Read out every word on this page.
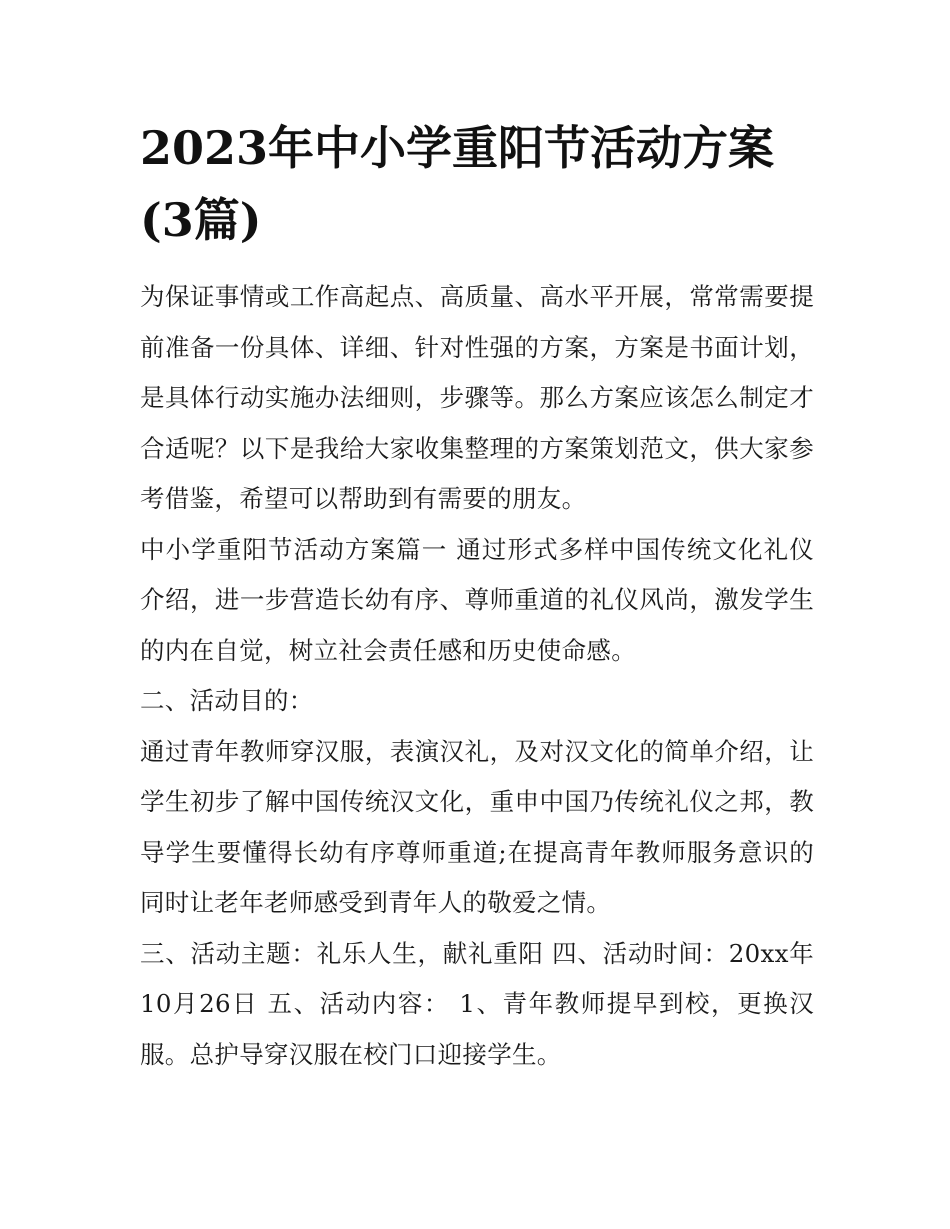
2023年中小学重阳节活动方案(3篇)

为保证事情或工作高起点、高质量、高水平开展，常常需要提前准备一份具体、详细、针对性强的方案，方案是书面计划，是具体行动实施办法细则，步骤等。那么方案应该怎么制定才合适呢？以下是我给大家收集整理的方案策划范文，供大家参考借鉴，希望可以帮助到有需要的朋友。

中小学重阳节活动方案篇一 通过形式多样中国传统文化礼仪介绍，进一步营造长幼有序、尊师重道的礼仪风尚，激发学生的内在自觉，树立社会责任感和历史使命感。

二、活动目的：

通过青年教师穿汉服，表演汉礼，及对汉文化的简单介绍，让学生初步了解中国传统汉文化，重申中国乃传统礼仪之邦，教导学生要懂得长幼有序尊师重道;在提高青年教师服务意识的同时让老年老师感受到青年人的敬爱之情。

三、活动主题：礼乐人生，献礼重阳 四、活动时间：20xx年10月26日 五、活动内容： 1、青年教师提早到校，更换汉服。总护导穿汉服在校门口迎接学生。
